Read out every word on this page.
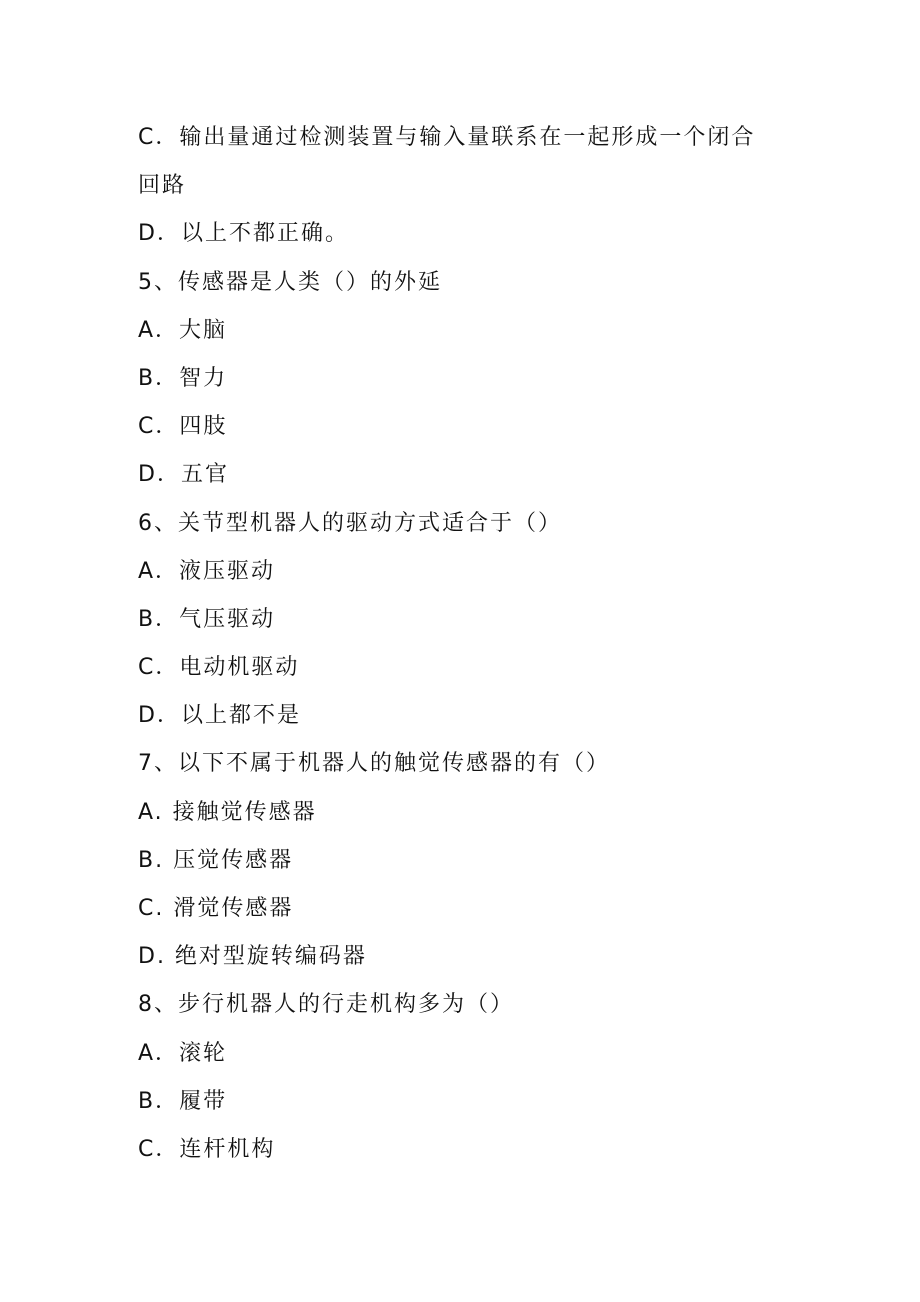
C．输出量通过检测装置与输入量联系在一起形成一个闭合

回路

D．以上不都正确。

5、传感器是人类（）的外延

A．大脑

B．智力

C．四肢

D．五官

6、关节型机器人的驱动方式适合于（）

A．液压驱动

B．气压驱动

C．电动机驱动

D．以上都不是

7、以下不属于机器人的触觉传感器的有（）

A. 接触觉传感器

B. 压觉传感器

C. 滑觉传感器

D. 绝对型旋转编码器

8、步行机器人的行走机构多为（）

A．滚轮

B．履带

C．连杆机构
